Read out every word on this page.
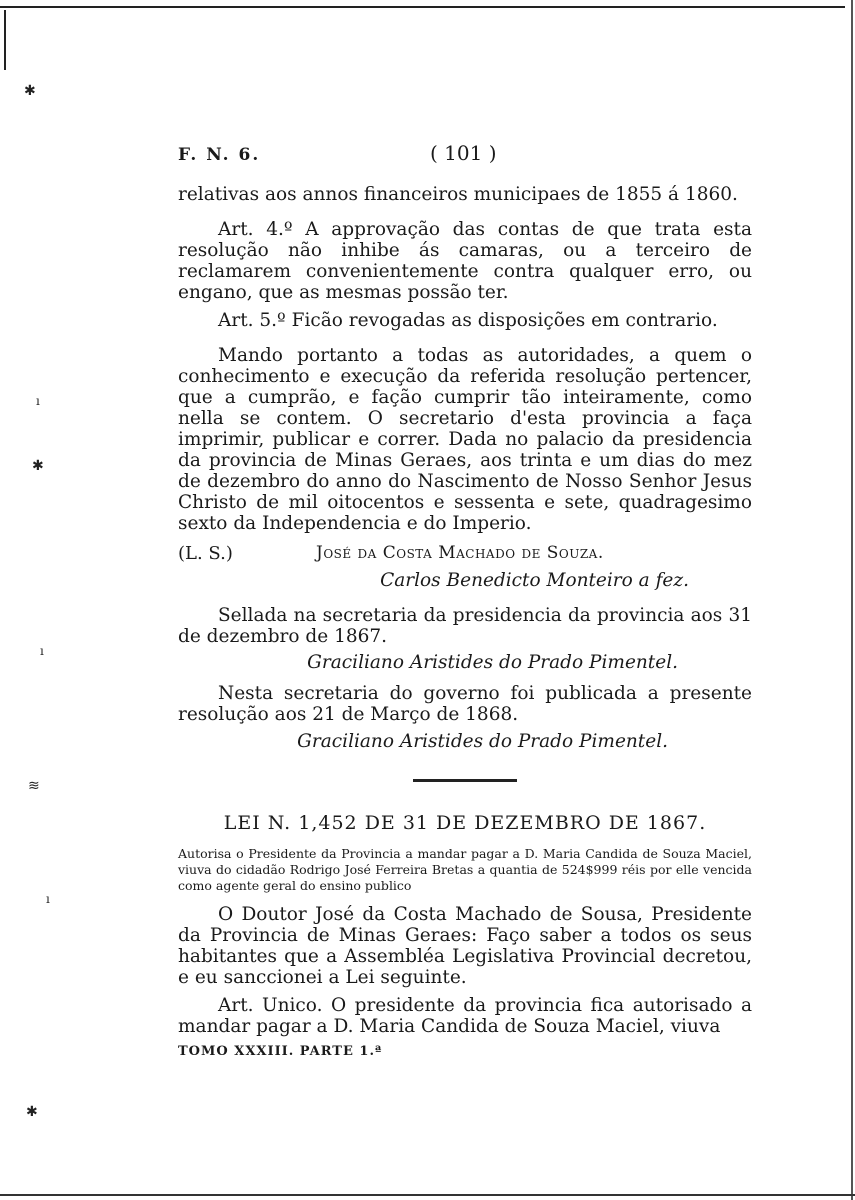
✱
ı
✱
ı
≋
ı
✱
F. N. 6.	( 101 )
relativas aos annos financeiros municipaes de 1855 á 1860.
Art. 4.º A approvação das contas de que trata esta resolução não inhibe ás camaras, ou a terceiro de reclamarem convenientemente contra qualquer erro, ou engano, que as mesmas possão ter.
Art. 5.º Ficão revogadas as disposições em contrario.
Mando portanto a todas as autoridades, a quem o conhecimento e execução da referida resolução pertencer, que a cumprão, e fação cumprir tão inteiramente, como nella se contem. O secretario d'esta provincia a faça imprimir, publicar e correr. Dada no palacio da presidencia da provincia de Minas Geraes, aos trinta e um dias do mez de dezembro do anno do Nascimento de Nosso Senhor Jesus Christo de mil oitocentos e sessenta e sete, quadragesimo sexto da Independencia e do Imperio.
(L. S.)	José da Costa Machado de Souza.
Carlos Benedicto Monteiro a fez.
Sellada na secretaria da presidencia da provincia aos 31 de dezembro de 1867.
Graciliano Aristides do Prado Pimentel.
Nesta secretaria do governo foi publicada a presente resolução aos 21 de Março de 1868.
Graciliano Aristides do Prado Pimentel.
LEI N. 1,452 DE 31 DE DEZEMBRO DE 1867.
Autorisa o Presidente da Provincia a mandar pagar a D. Maria Candida de Souza Maciel, viuva do cidadão Rodrigo José Ferreira Bretas a quantia de 524$999 réis por elle vencida como agente geral do ensino publico
O Doutor José da Costa Machado de Sousa, Presidente da Provincia de Minas Geraes: Faço saber a todos os seus habitantes que a Assembléa Legislativa Provincial decretou, e eu sanccionei a Lei seguinte.
Art. Unico. O presidente da provincia fica autorisado a mandar pagar a D. Maria Candida de Souza Maciel, viuva
TOMO XXXIII. PARTE 1.ª
